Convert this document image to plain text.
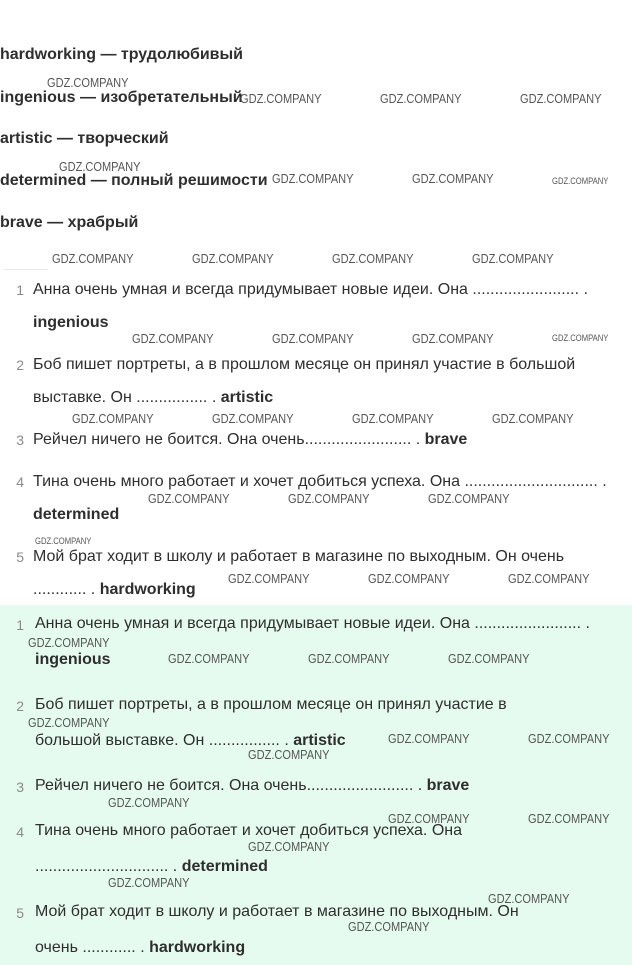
hardworking — трудолюбивый
ingenious — изобретательный
artistic — творческий
determined — полный решимости
brave — храбрый
1 Анна очень умная и всегда придумывает новые идеи. Она ........................ .
ingenious
2 Боб пишет портреты, а в прошлом месяце он принял участие в большой
выставке. Он ................ . artistic
3 Рейчел ничего не боится. Она очень........................ . brave
4 Тина очень много работает и хочет добиться успеха. Она .............................. .
determined
5 Мой брат ходит в школу и работает в магазине по выходным. Он очень
............ . hardworking
1 Анна очень умная и всегда придумывает новые идеи. Она ........................ .
ingenious
2 Боб пишет портреты, а в прошлом месяце он принял участие в
большой выставке. Он ................ . artistic
3 Рейчел ничего не боится. Она очень........................ . brave
4 Тина очень много работает и хочет добиться успеха. Она
.............................. . determined
5 Мой брат ходит в школу и работает в магазине по выходным. Он
очень ............ . hardworking
GDZ.COMPANY
GDZ.COMPANY	GDZ.COMPANY	GDZ.COMPANY
GDZ.COMPANY
GDZ.COMPANY	GDZ.COMPANY	GDZ.COMPANY
GDZ.COMPANY	GDZ.COMPANY	GDZ.COMPANY	GDZ.COMPANY
GDZ.COMPANY	GDZ.COMPANY	GDZ.COMPANY	GDZ.COMPANY
GDZ.COMPANY	GDZ.COMPANY	GDZ.COMPANY	GDZ.COMPANY
GDZ.COMPANY	GDZ.COMPANY	GDZ.COMPANY
GDZ.COMPANY
GDZ.COMPANY	GDZ.COMPANY	GDZ.COMPANY
GDZ.COMPANY
GDZ.COMPANY	GDZ.COMPANY	GDZ.COMPANY
GDZ.COMPANY
GDZ.COMPANY	GDZ.COMPANY
GDZ.COMPANY
GDZ.COMPANY
GDZ.COMPANY	GDZ.COMPANY
GDZ.COMPANY
GDZ.COMPANY
GDZ.COMPANY
GDZ.COMPANY
